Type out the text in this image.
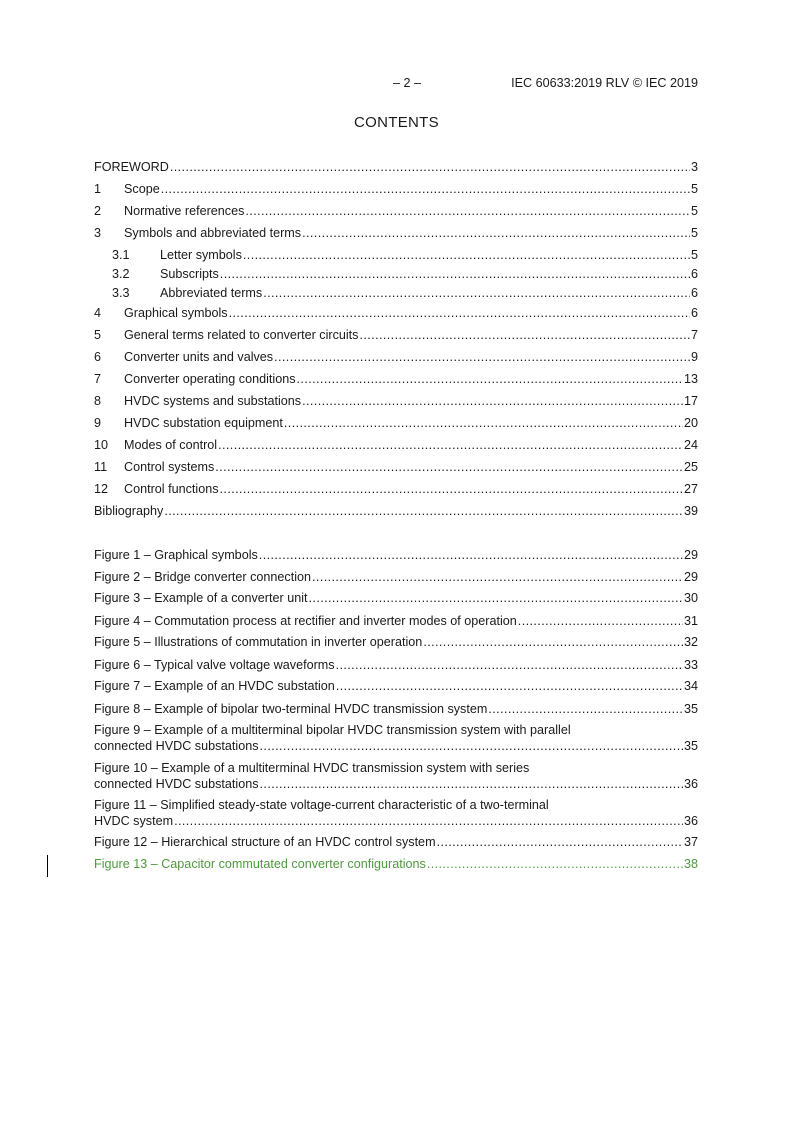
– 2 –	IEC 60633:2019 RLV © IEC 2019
CONTENTS
FOREWORD .....	3
1 Scope .....	5
2 Normative references .....	5
3 Symbols and abbreviated terms .....	5
3.1 Letter symbols .....	5
3.2 Subscripts .....	6
3.3 Abbreviated terms .....	6
4 Graphical symbols .....	6
5 General terms related to converter circuits .....	7
6 Converter units and valves .....	9
7 Converter operating conditions .....	13
8 HVDC systems and substations .....	17
9 HVDC substation equipment .....	20
10 Modes of control .....	24
11 Control systems .....	25
12 Control functions .....	27
Bibliography .....	39
Figure 1 – Graphical symbols .....	29
Figure 2 – Bridge converter connection .....	29
Figure 3 – Example of a converter unit .....	30
Figure 4 – Commutation process at rectifier and inverter modes of operation .....	31
Figure 5 – Illustrations of commutation in inverter operation .....	32
Figure 6 – Typical valve voltage waveforms .....	33
Figure 7 – Example of an HVDC substation .....	34
Figure 8 – Example of bipolar two-terminal HVDC transmission system .....	35
Figure 9 – Example of a multiterminal bipolar HVDC transmission system with parallel
connected HVDC substations .....	35
Figure 10 – Example of a multiterminal HVDC transmission system with series
connected HVDC substations .....	36
Figure 11 – Simplified steady-state voltage-current characteristic of a two-terminal
HVDC system .....	36
Figure 12 – Hierarchical structure of an HVDC control system .....	37
Figure 13 – Capacitor commutated converter configurations .....	38
